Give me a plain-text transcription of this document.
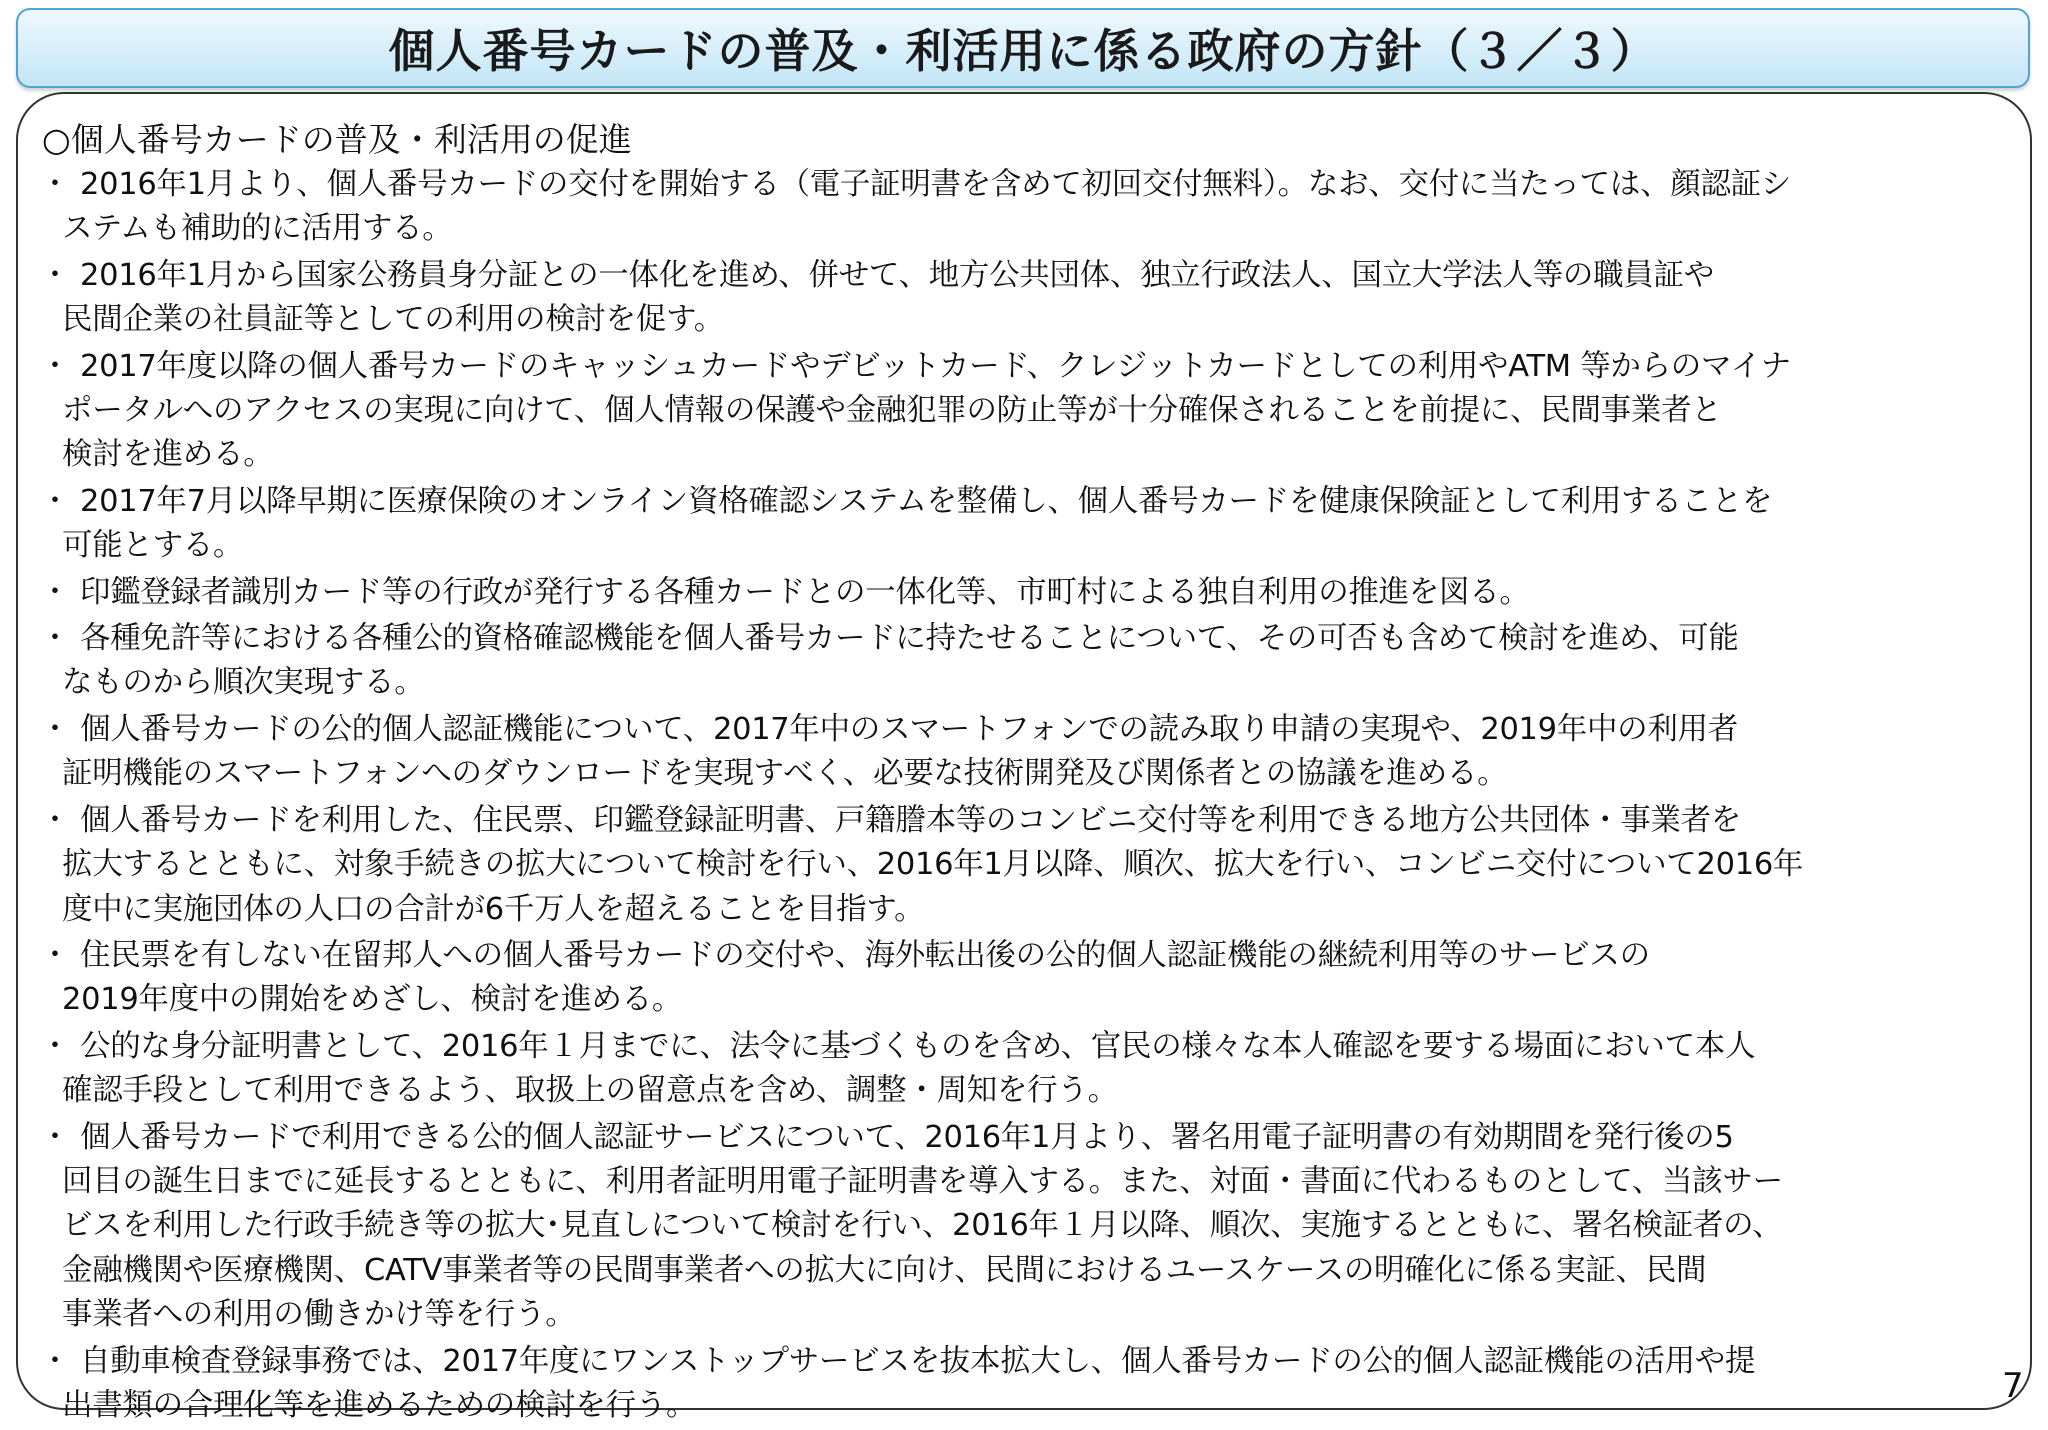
個人番号カードの普及・利活用に係る政府の方針（３／３）
○個人番号カードの普及・利活用の促進
・ 2016年1月より、個人番号カードの交付を開始する（電子証明書を含めて初回交付無料）。なお、交付に当たっては、顔認証シ
ステムも補助的に活用する。
・ 2016年1月から国家公務員身分証との一体化を進め、併せて、地方公共団体、独立行政法人、国立大学法人等の職員証や
民間企業の社員証等としての利用の検討を促す。
・ 2017年度以降の個人番号カードのキャッシュカードやデビットカード、クレジットカードとしての利用やATM 等からのマイナ
ポータルへのアクセスの実現に向けて、個人情報の保護や金融犯罪の防止等が十分確保されることを前提に、民間事業者と
検討を進める。
・ 2017年7月以降早期に医療保険のオンライン資格確認システムを整備し、個人番号カードを健康保険証として利用することを
可能とする。
・ 印鑑登録者識別カード等の行政が発行する各種カードとの一体化等、市町村による独自利用の推進を図る。
・ 各種免許等における各種公的資格確認機能を個人番号カードに持たせることについて、その可否も含めて検討を進め、可能
なものから順次実現する。
・ 個人番号カードの公的個人認証機能について、2017年中のスマートフォンでの読み取り申請の実現や、2019年中の利用者
証明機能のスマートフォンへのダウンロードを実現すべく、必要な技術開発及び関係者との協議を進める。
・ 個人番号カードを利用した、住民票、印鑑登録証明書、戸籍謄本等のコンビニ交付等を利用できる地方公共団体・事業者を
拡大するとともに、対象手続きの拡大について検討を行い、2016年1月以降、順次、拡大を行い、コンビニ交付について2016年
度中に実施団体の人口の合計が6千万人を超えることを目指す。
・ 住民票を有しない在留邦人への個人番号カードの交付や、海外転出後の公的個人認証機能の継続利用等のサービスの
2019年度中の開始をめざし、検討を進める。
・ 公的な身分証明書として、2016年１月までに、法令に基づくものを含め、官民の様々な本人確認を要する場面において本人
確認手段として利用できるよう、取扱上の留意点を含め、調整・周知を行う。
・ 個人番号カードで利用できる公的個人認証サービスについて、2016年1月より、署名用電子証明書の有効期間を発行後の5
回目の誕生日までに延長するとともに、利用者証明用電子証明書を導入する。また、対面・書面に代わるものとして、当該サー
ビスを利用した行政手続き等の拡大･見直しについて検討を行い、2016年１月以降、順次、実施するとともに、署名検証者の、
金融機関や医療機関、CATV事業者等の民間事業者への拡大に向け、民間におけるユースケースの明確化に係る実証、民間
事業者への利用の働きかけ等を行う。
・ 自動車検査登録事務では、2017年度にワンストップサービスを抜本拡大し、個人番号カードの公的個人認証機能の活用や提
出書類の合理化等を進めるための検討を行う。	7
